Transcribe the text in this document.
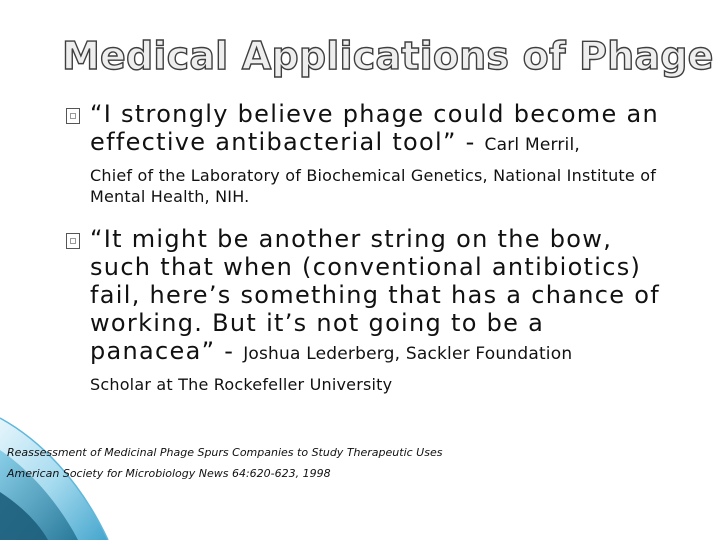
Medical Applications of Phage
“I strongly believe phage could become an effective antibacterial tool” - Carl Merril,
Chief of the Laboratory of Biochemical Genetics, National Institute of Mental Health, NIH.
“It might be another string on the bow, such that when (conventional antibiotics) fail, here’s something that has a chance of working. But it’s not going to be a panacea” - Joshua Lederberg, Sackler Foundation
Scholar at The Rockefeller University
Reassessment of Medicinal Phage Spurs Companies to Study Therapeutic Uses
American Society for Microbiology News 64:620-623, 1998
